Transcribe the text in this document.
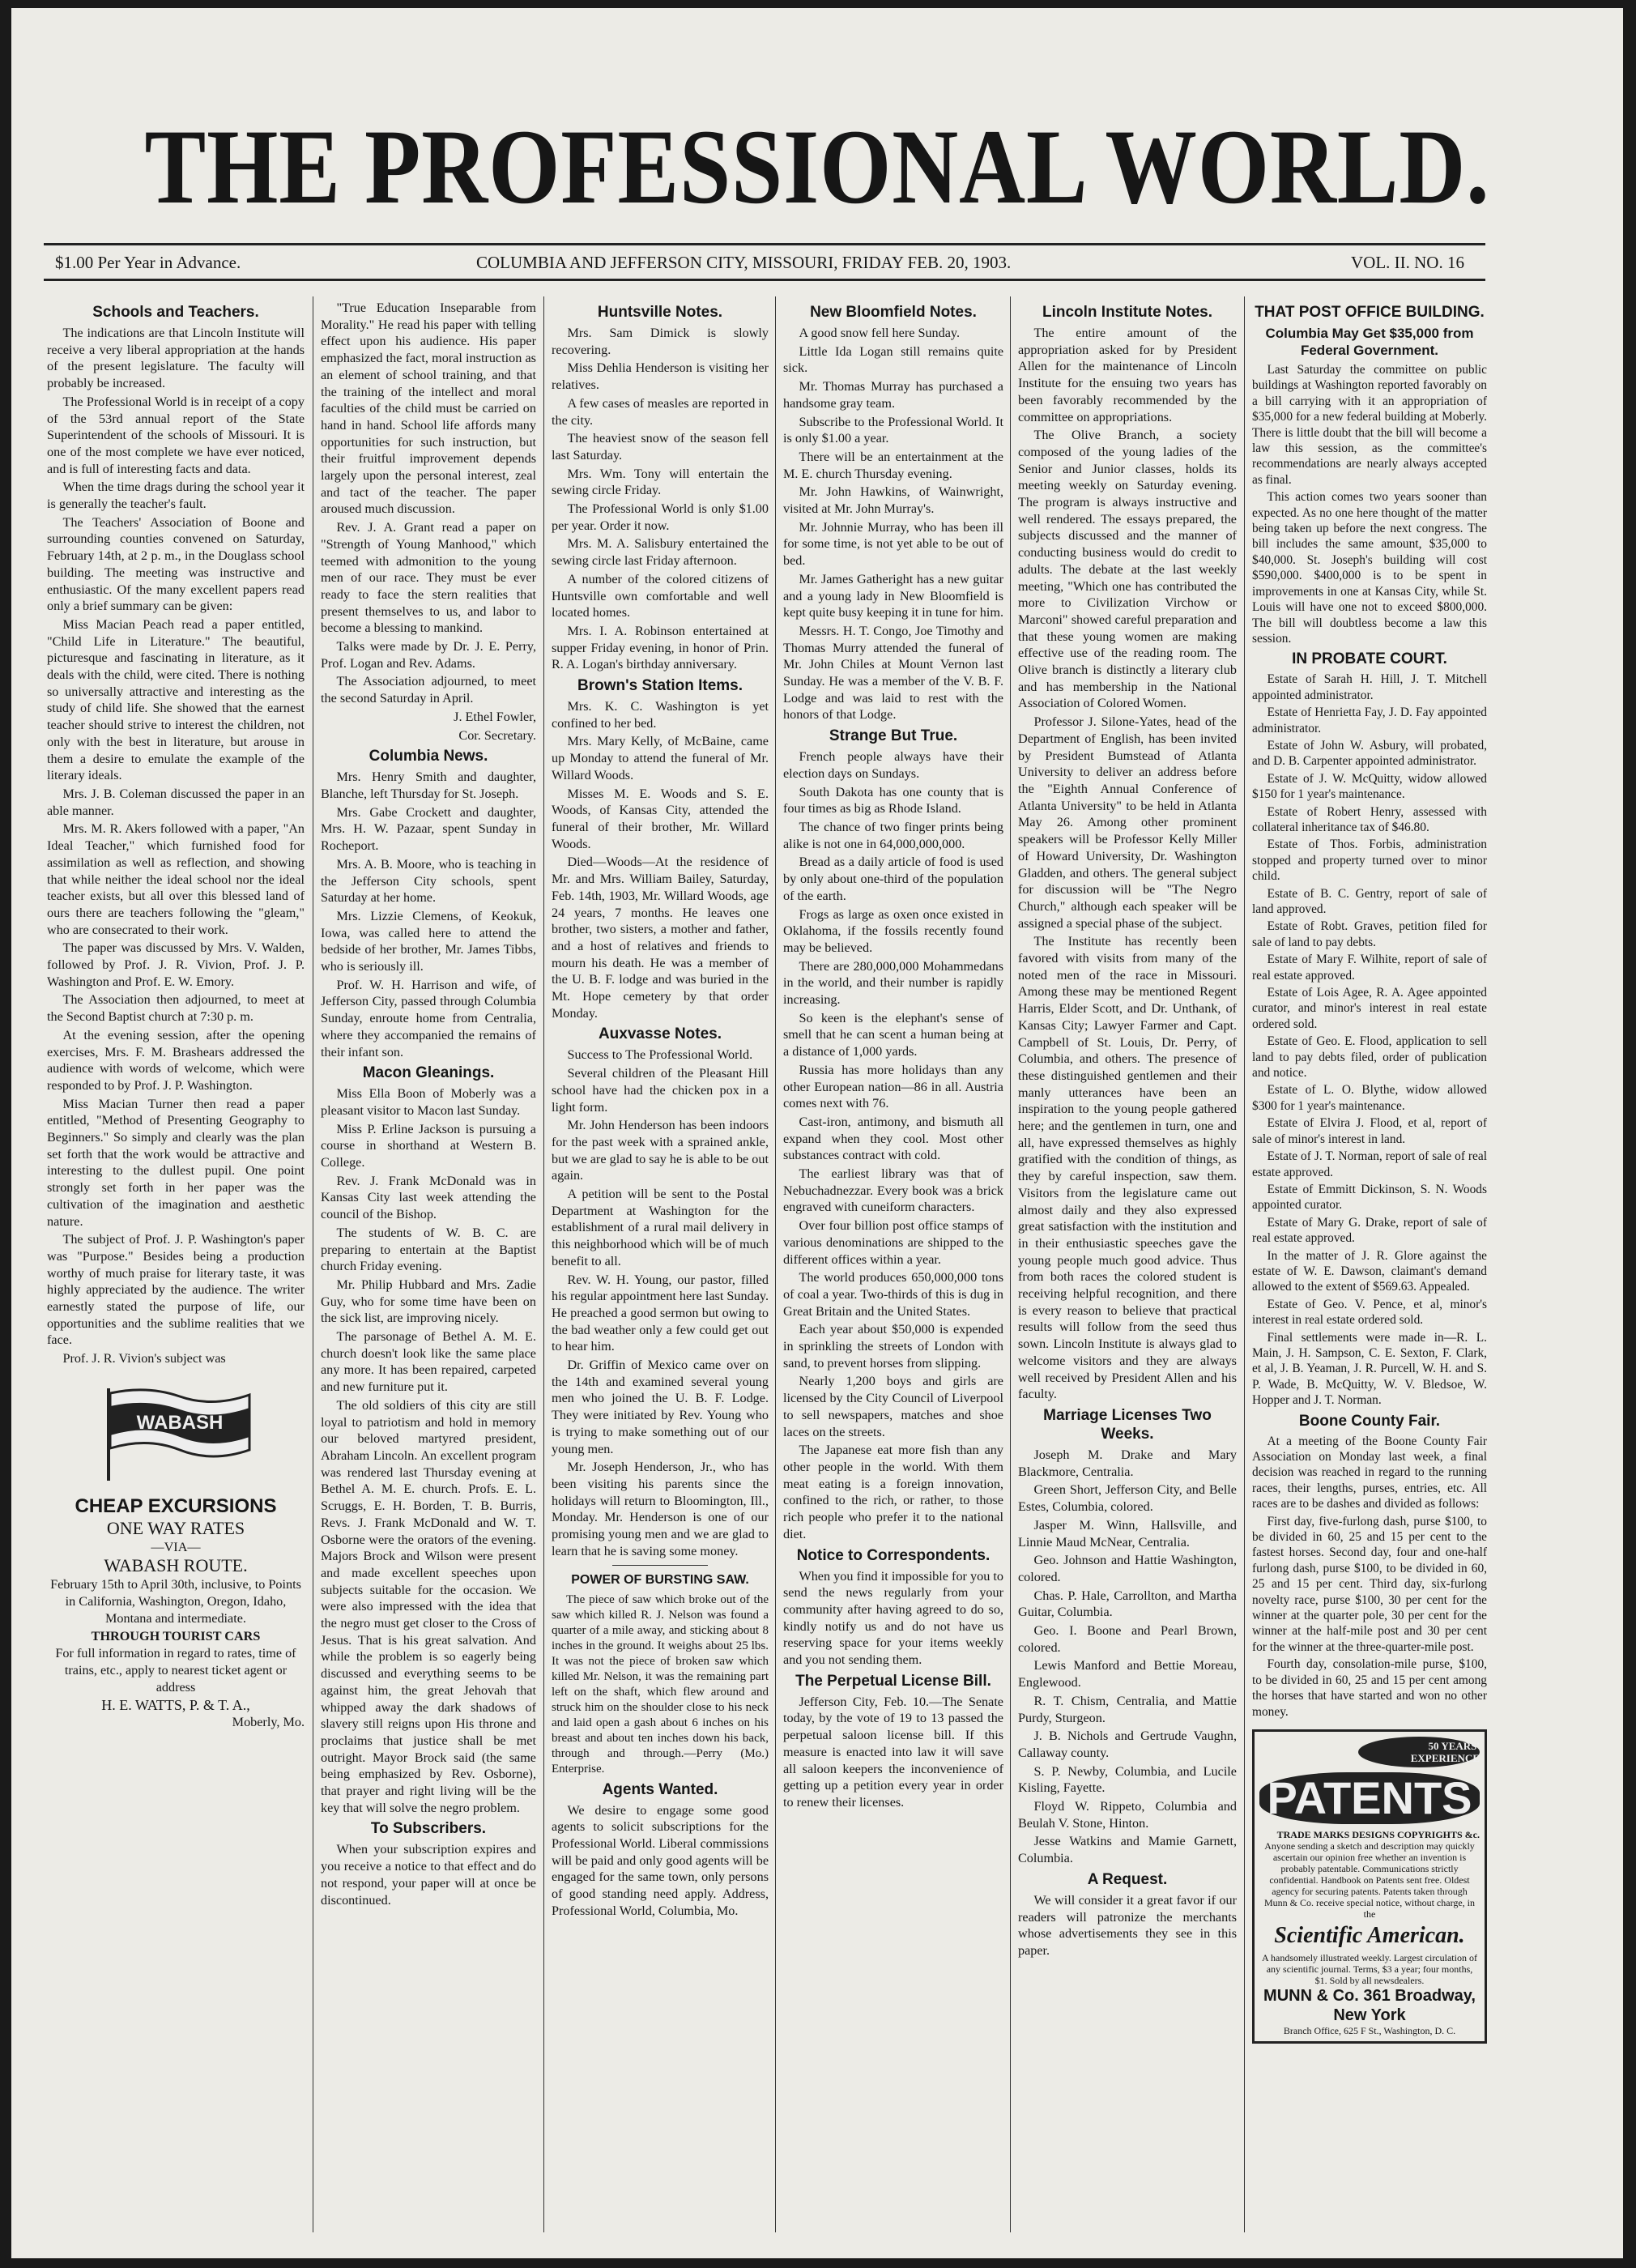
THE PROFESSIONAL WORLD.
$1.00 Per Year in Advance.	COLUMBIA AND JEFFERSON CITY, MISSOURI, FRIDAY FEB. 20, 1903.	VOL. II. NO. 16
Schools and Teachers.

The indications are that Lincoln Institute will receive a very liberal appropriation at the hands of the present legislature. The faculty will probably be increased.

The Professional World is in receipt of a copy of the 53rd annual report of the State Superintendent of the schools of Missouri. It is one of the most complete we have ever noticed, and is full of interesting facts and data.

When the time drags during the school year it is generally the teacher's fault.

The Teachers' Association of Boone and surrounding counties convened on Saturday, February 14th, at 2 p. m., in the Douglass school building. The meeting was instructive and enthusiastic. Of the many excellent papers read only a brief summary can be given:

Miss Macian Peach read a paper entitled, "Child Life in Literature." The beautiful, picturesque and fascinating in literature, as it deals with the child, were cited. There is nothing so universally attractive and interesting as the study of child life. She showed that the earnest teacher should strive to interest the children, not only with the best in literature, but arouse in them a desire to emulate the example of the literary ideals.

Mrs. J. B. Coleman discussed the paper in an able manner.

Mrs. M. R. Akers followed with a paper, "An Ideal Teacher," which furnished food for assimilation as well as reflection, and showing that while neither the ideal school nor the ideal teacher exists, but all over this blessed land of ours there are teachers following the "gleam," who are consecrated to their work.

The paper was discussed by Mrs. V. Walden, followed by Prof. J. R. Vivion, Prof. J. P. Washington and Prof. E. W. Emory.

The Association then adjourned, to meet at the Second Baptist church at 7:30 p. m.

At the evening session, after the opening exercises, Mrs. F. M. Brashears addressed the audience with words of welcome, which were responded to by Prof. J. P. Washington.

Miss Macian Turner then read a paper entitled, "Method of Presenting Geography to Beginners." So simply and clearly was the plan set forth that the work would be attractive and interesting to the dullest pupil. One point strongly set forth in her paper was the cultivation of the imagination and aesthetic nature.

The subject of Prof. J. P. Washington's paper was "Purpose." Besides being a production worthy of much praise for literary taste, it was highly appreciated by the audience. The writer earnestly stated the purpose of life, our opportunities and the sublime realities that we face.

Prof. J. R. Vivion's subject was

WABASH
CHEAP EXCURSIONS
ONE WAY RATES
—VIA—
WABASH ROUTE.

February 15th to April 30th, inclusive, to Points in California, Washington, Oregon, Idaho, Montana and intermediate.

THROUGH TOURIST CARS

For full information in regard to rates, time of trains, etc., apply to nearest ticket agent or address

H. E. WATTS, P. & T. A.,
Moberly, Mo.

"True Education Inseparable from Morality." He read his paper with telling effect upon his audience. His paper emphasized the fact, moral instruction as an element of school training, and that the training of the intellect and moral faculties of the child must be carried on hand in hand. School life affords many opportunities for such instruction, but their fruitful improvement depends largely upon the personal interest, zeal and tact of the teacher. The paper aroused much discussion.

Rev. J. A. Grant read a paper on "Strength of Young Manhood," which teemed with admonition to the young men of our race. They must be ever ready to face the stern realities that present themselves to us, and labor to become a blessing to mankind.

Talks were made by Dr. J. E. Perry, Prof. Logan and Rev. Adams.

The Association adjourned, to meet the second Saturday in April.

J. Ethel Fowler,

Cor. Secretary.

Columbia News.

Mrs. Henry Smith and daughter, Blanche, left Thursday for St. Joseph.

Mrs. Gabe Crockett and daughter, Mrs. H. W. Pazaar, spent Sunday in Rocheport.

Mrs. A. B. Moore, who is teaching in the Jefferson City schools, spent Saturday at her home.

Mrs. Lizzie Clemens, of Keokuk, Iowa, was called here to attend the bedside of her brother, Mr. James Tibbs, who is seriously ill.

Prof. W. H. Harrison and wife, of Jefferson City, passed through Columbia Sunday, enroute home from Centralia, where they accompanied the remains of their infant son.

Macon Gleanings.

Miss Ella Boon of Moberly was a pleasant visitor to Macon last Sunday.

Miss P. Erline Jackson is pursuing a course in shorthand at Western B. College.

Rev. J. Frank McDonald was in Kansas City last week attending the council of the Bishop.

The students of W. B. C. are preparing to entertain at the Baptist church Friday evening.

Mr. Philip Hubbard and Mrs. Zadie Guy, who for some time have been on the sick list, are improving nicely.

The parsonage of Bethel A. M. E. church doesn't look like the same place any more. It has been repaired, carpeted and new furniture put it.

The old soldiers of this city are still loyal to patriotism and hold in memory our beloved martyred president, Abraham Lincoln. An excellent program was rendered last Thursday evening at Bethel A. M. E. church. Profs. E. L. Scruggs, E. H. Borden, T. B. Burris, Revs. J. Frank McDonald and W. T. Osborne were the orators of the evening. Majors Brock and Wilson were present and made excellent speeches upon subjects suitable for the occasion. We were also impressed with the idea that the negro must get closer to the Cross of Jesus. That is his great salvation. And while the problem is so eagerly being discussed and everything seems to be against him, the great Jehovah that whipped away the dark shadows of slavery still reigns upon His throne and proclaims that justice shall be met outright. Mayor Brock said (the same being emphasized by Rev. Osborne), that prayer and right living will be the key that will solve the negro problem.

To Subscribers.

When your subscription expires and you receive a notice to that effect and do not respond, your paper will at once be discontinued.

Huntsville Notes.

Mrs. Sam Dimick is slowly recovering.

Miss Dehlia Henderson is visiting her relatives.

A few cases of measles are reported in the city.

The heaviest snow of the season fell last Saturday.

Mrs. Wm. Tony will entertain the sewing circle Friday.

The Professional World is only $1.00 per year. Order it now.

Mrs. M. A. Salisbury entertained the sewing circle last Friday afternoon.

A number of the colored citizens of Huntsville own comfortable and well located homes.

Mrs. I. A. Robinson entertained at supper Friday evening, in honor of Prin. R. A. Logan's birthday anniversary.

Brown's Station Items.

Mrs. K. C. Washington is yet confined to her bed.

Mrs. Mary Kelly, of McBaine, came up Monday to attend the funeral of Mr. Willard Woods.

Misses M. E. Woods and S. E. Woods, of Kansas City, attended the funeral of their brother, Mr. Willard Woods.

Died—Woods—At the residence of Mr. and Mrs. William Bailey, Saturday, Feb. 14th, 1903, Mr. Willard Woods, age 24 years, 7 months. He leaves one brother, two sisters, a mother and father, and a host of relatives and friends to mourn his death. He was a member of the U. B. F. lodge and was buried in the Mt. Hope cemetery by that order Monday.

Auxvasse Notes.

Success to The Professional World.

Several children of the Pleasant Hill school have had the chicken pox in a light form.

Mr. John Henderson has been indoors for the past week with a sprained ankle, but we are glad to say he is able to be out again.

A petition will be sent to the Postal Department at Washington for the establishment of a rural mail delivery in this neighborhood which will be of much benefit to all.

Rev. W. H. Young, our pastor, filled his regular appointment here last Sunday. He preached a good sermon but owing to the bad weather only a few could get out to hear him.

Dr. Griffin of Mexico came over on the 14th and examined several young men who joined the U. B. F. Lodge. They were initiated by Rev. Young who is trying to make something out of our young men.

Mr. Joseph Henderson, Jr., who has been visiting his parents since the holidays will return to Bloomington, Ill., Monday. Mr. Henderson is one of our promising young men and we are glad to learn that he is saving some money.

POWER OF BURSTING SAW.

The piece of saw which broke out of the saw which killed R. J. Nelson was found a quarter of a mile away, and sticking about 8 inches in the ground. It weighs about 25 lbs. It was not the piece of broken saw which killed Mr. Nelson, it was the remaining part left on the shaft, which flew around and struck him on the shoulder close to his neck and laid open a gash about 6 inches on his breast and about ten inches down his back, through and through.—Perry (Mo.) Enterprise.

Agents Wanted.

We desire to engage some good agents to solicit subscriptions for the Professional World. Liberal commissions will be paid and only good agents will be engaged for the same town, only persons of good standing need apply. Address, Professional World, Columbia, Mo.

New Bloomfield Notes.

A good snow fell here Sunday.

Little Ida Logan still remains quite sick.

Mr. Thomas Murray has purchased a handsome gray team.

Subscribe to the Professional World. It is only $1.00 a year.

There will be an entertainment at the M. E. church Thursday evening.

Mr. John Hawkins, of Wainwright, visited at Mr. John Murray's.

Mr. Johnnie Murray, who has been ill for some time, is not yet able to be out of bed.

Mr. James Gatheright has a new guitar and a young lady in New Bloomfield is kept quite busy keeping it in tune for him.

Messrs. H. T. Congo, Joe Timothy and Thomas Murry attended the funeral of Mr. John Chiles at Mount Vernon last Sunday. He was a member of the V. B. F. Lodge and was laid to rest with the honors of that Lodge.

Strange But True.

French people always have their election days on Sundays.

South Dakota has one county that is four times as big as Rhode Island.

The chance of two finger prints being alike is not one in 64,000,000,000.

Bread as a daily article of food is used by only about one-third of the population of the earth.

Frogs as large as oxen once existed in Oklahoma, if the fossils recently found may be believed.

There are 280,000,000 Mohammedans in the world, and their number is rapidly increasing.

So keen is the elephant's sense of smell that he can scent a human being at a distance of 1,000 yards.

Russia has more holidays than any other European nation—86 in all. Austria comes next with 76.

Cast-iron, antimony, and bismuth all expand when they cool. Most other substances contract with cold.

The earliest library was that of Nebuchadnezzar. Every book was a brick engraved with cuneiform characters.

Over four billion post office stamps of various denominations are shipped to the different offices within a year.

The world produces 650,000,000 tons of coal a year. Two-thirds of this is dug in Great Britain and the United States.

Each year about $50,000 is expended in sprinkling the streets of London with sand, to prevent horses from slipping.

Nearly 1,200 boys and girls are licensed by the City Council of Liverpool to sell newspapers, matches and shoe laces on the streets.

The Japanese eat more fish than any other people in the world. With them meat eating is a foreign innovation, confined to the rich, or rather, to those rich people who prefer it to the national diet.

Notice to Correspondents.

When you find it impossible for you to send the news regularly from your community after having agreed to do so, kindly notify us and do not have us reserving space for your items weekly and you not sending them.

The Perpetual License Bill.

Jefferson City, Feb. 10.—The Senate today, by the vote of 19 to 13 passed the perpetual saloon license bill. If this measure is enacted into law it will save all saloon keepers the inconvenience of getting up a petition every year in order to renew their licenses.

Lincoln Institute Notes.

The entire amount of the appropriation asked for by President Allen for the maintenance of Lincoln Institute for the ensuing two years has been favorably recommended by the committee on appropriations.

The Olive Branch, a society composed of the young ladies of the Senior and Junior classes, holds its meeting weekly on Saturday evening. The program is always instructive and well rendered. The essays prepared, the subjects discussed and the manner of conducting business would do credit to adults. The debate at the last weekly meeting, "Which one has contributed the more to Civilization Virchow or Marconi" showed careful preparation and that these young women are making effective use of the reading room. The Olive branch is distinctly a literary club and has membership in the National Association of Colored Women.

Professor J. Silone-Yates, head of the Department of English, has been invited by President Bumstead of Atlanta University to deliver an address before the "Eighth Annual Conference of Atlanta University" to be held in Atlanta May 26. Among other prominent speakers will be Professor Kelly Miller of Howard University, Dr. Washington Gladden, and others. The general subject for discussion will be "The Negro Church," although each speaker will be assigned a special phase of the subject.

The Institute has recently been favored with visits from many of the noted men of the race in Missouri. Among these may be mentioned Regent Harris, Elder Scott, and Dr. Unthank, of Kansas City; Lawyer Farmer and Capt. Campbell of St. Louis, Dr. Perry, of Columbia, and others. The presence of these distinguished gentlemen and their manly utterances have been an inspiration to the young people gathered here; and the gentlemen in turn, one and all, have expressed themselves as highly gratified with the condition of things, as they by careful inspection, saw them. Visitors from the legislature came out almost daily and they also expressed great satisfaction with the institution and in their enthusiastic speeches gave the young people much good advice. Thus from both races the colored student is receiving helpful recognition, and there is every reason to believe that practical results will follow from the seed thus sown. Lincoln Institute is always glad to welcome visitors and they are always well received by President Allen and his faculty.

Marriage Licenses Two Weeks.

Joseph M. Drake and Mary Blackmore, Centralia.

Green Short, Jefferson City, and Belle Estes, Columbia, colored.

Jasper M. Winn, Hallsville, and Linnie Maud McNear, Centralia.

Geo. Johnson and Hattie Washington, colored.

Chas. P. Hale, Carrollton, and Martha Guitar, Columbia.

Geo. I. Boone and Pearl Brown, colored.

Lewis Manford and Bettie Moreau, Englewood.

R. T. Chism, Centralia, and Mattie Purdy, Sturgeon.

J. B. Nichols and Gertrude Vaughn, Callaway county.

S. P. Newby, Columbia, and Lucile Kisling, Fayette.

Floyd W. Rippeto, Columbia and Beulah V. Stone, Hinton.

Jesse Watkins and Mamie Garnett, Columbia.

A Request.

We will consider it a great favor if our readers will patronize the merchants whose advertisements they see in this paper.

THAT POST OFFICE BUILDING.
Columbia May Get $35,000 from Federal Government.

Last Saturday the committee on public buildings at Washington reported favorably on a bill carrying with it an appropriation of $35,000 for a new federal building at Moberly. There is little doubt that the bill will become a law this session, as the committee's recommendations are nearly always accepted as final.

This action comes two years sooner than expected. As no one here thought of the matter being taken up before the next congress. The bill includes the same amount, $35,000 to $40,000. St. Joseph's building will cost $590,000. $400,000 is to be spent in improvements in one at Kansas City, while St. Louis will have one not to exceed $800,000. The bill will doubtless become a law this session.

IN PROBATE COURT.

Estate of Sarah H. Hill, J. T. Mitchell appointed administrator.

Estate of Henrietta Fay, J. D. Fay appointed administrator.

Estate of John W. Asbury, will probated, and D. B. Carpenter appointed administrator.

Estate of J. W. McQuitty, widow allowed $150 for 1 year's maintenance.

Estate of Robert Henry, assessed with collateral inheritance tax of $46.80.

Estate of Thos. Forbis, administration stopped and property turned over to minor child.

Estate of B. C. Gentry, report of sale of land approved.

Estate of Robt. Graves, petition filed for sale of land to pay debts.

Estate of Mary F. Wilhite, report of sale of real estate approved.

Estate of Lois Agee, R. A. Agee appointed curator, and minor's interest in real estate ordered sold.

Estate of Geo. E. Flood, application to sell land to pay debts filed, order of publication and notice.

Estate of L. O. Blythe, widow allowed $300 for 1 year's maintenance.

Estate of Elvira J. Flood, et al, report of sale of minor's interest in land.

Estate of J. T. Norman, report of sale of real estate approved.

Estate of Emmitt Dickinson, S. N. Woods appointed curator.

Estate of Mary G. Drake, report of sale of real estate approved.

In the matter of J. R. Glore against the estate of W. E. Dawson, claimant's demand allowed to the extent of $569.63. Appealed.

Estate of Geo. V. Pence, et al, minor's interest in real estate ordered sold.

Final settlements were made in—R. L. Main, J. H. Sampson, C. E. Sexton, F. Clark, et al, J. B. Yeaman, J. R. Purcell, W. H. and S. P. Wade, B. McQuitty, W. V. Bledsoe, W. Hopper and J. T. Norman.

Boone County Fair.

At a meeting of the Boone County Fair Association on Monday last week, a final decision was reached in regard to the running races, their lengths, purses, entries, etc. All races are to be dashes and divided as follows:

First day, five-furlong dash, purse $100, to be divided in 60, 25 and 15 per cent to the fastest horses. Second day, four and one-half furlong dash, purse $100, to be divided in 60, 25 and 15 per cent. Third day, six-furlong novelty race, purse $100, 30 per cent for the winner at the quarter pole, 30 per cent for the winner at the half-mile post and 30 per cent for the winner at the three-quarter-mile post.

Fourth day, consolation-mile purse, $100, to be divided in 60, 25 and 15 per cent among the horses that have started and won no other money.

50 YEARS' EXPERIENCE
PATENTS
TRADE MARKS DESIGNS COPYRIGHTS &c.
Anyone sending a sketch and description may quickly ascertain our opinion free whether an invention is probably patentable. Communications strictly confidential. Handbook on Patents sent free. Oldest agency for securing patents. Patents taken through Munn & Co. receive special notice, without charge, in the
Scientific American.
A handsomely illustrated weekly. Largest circulation of any scientific journal. Terms, $3 a year; four months, $1. Sold by all newsdealers.
MUNN & Co. 361 Broadway, New York
Branch Office, 625 F St., Washington, D. C.
